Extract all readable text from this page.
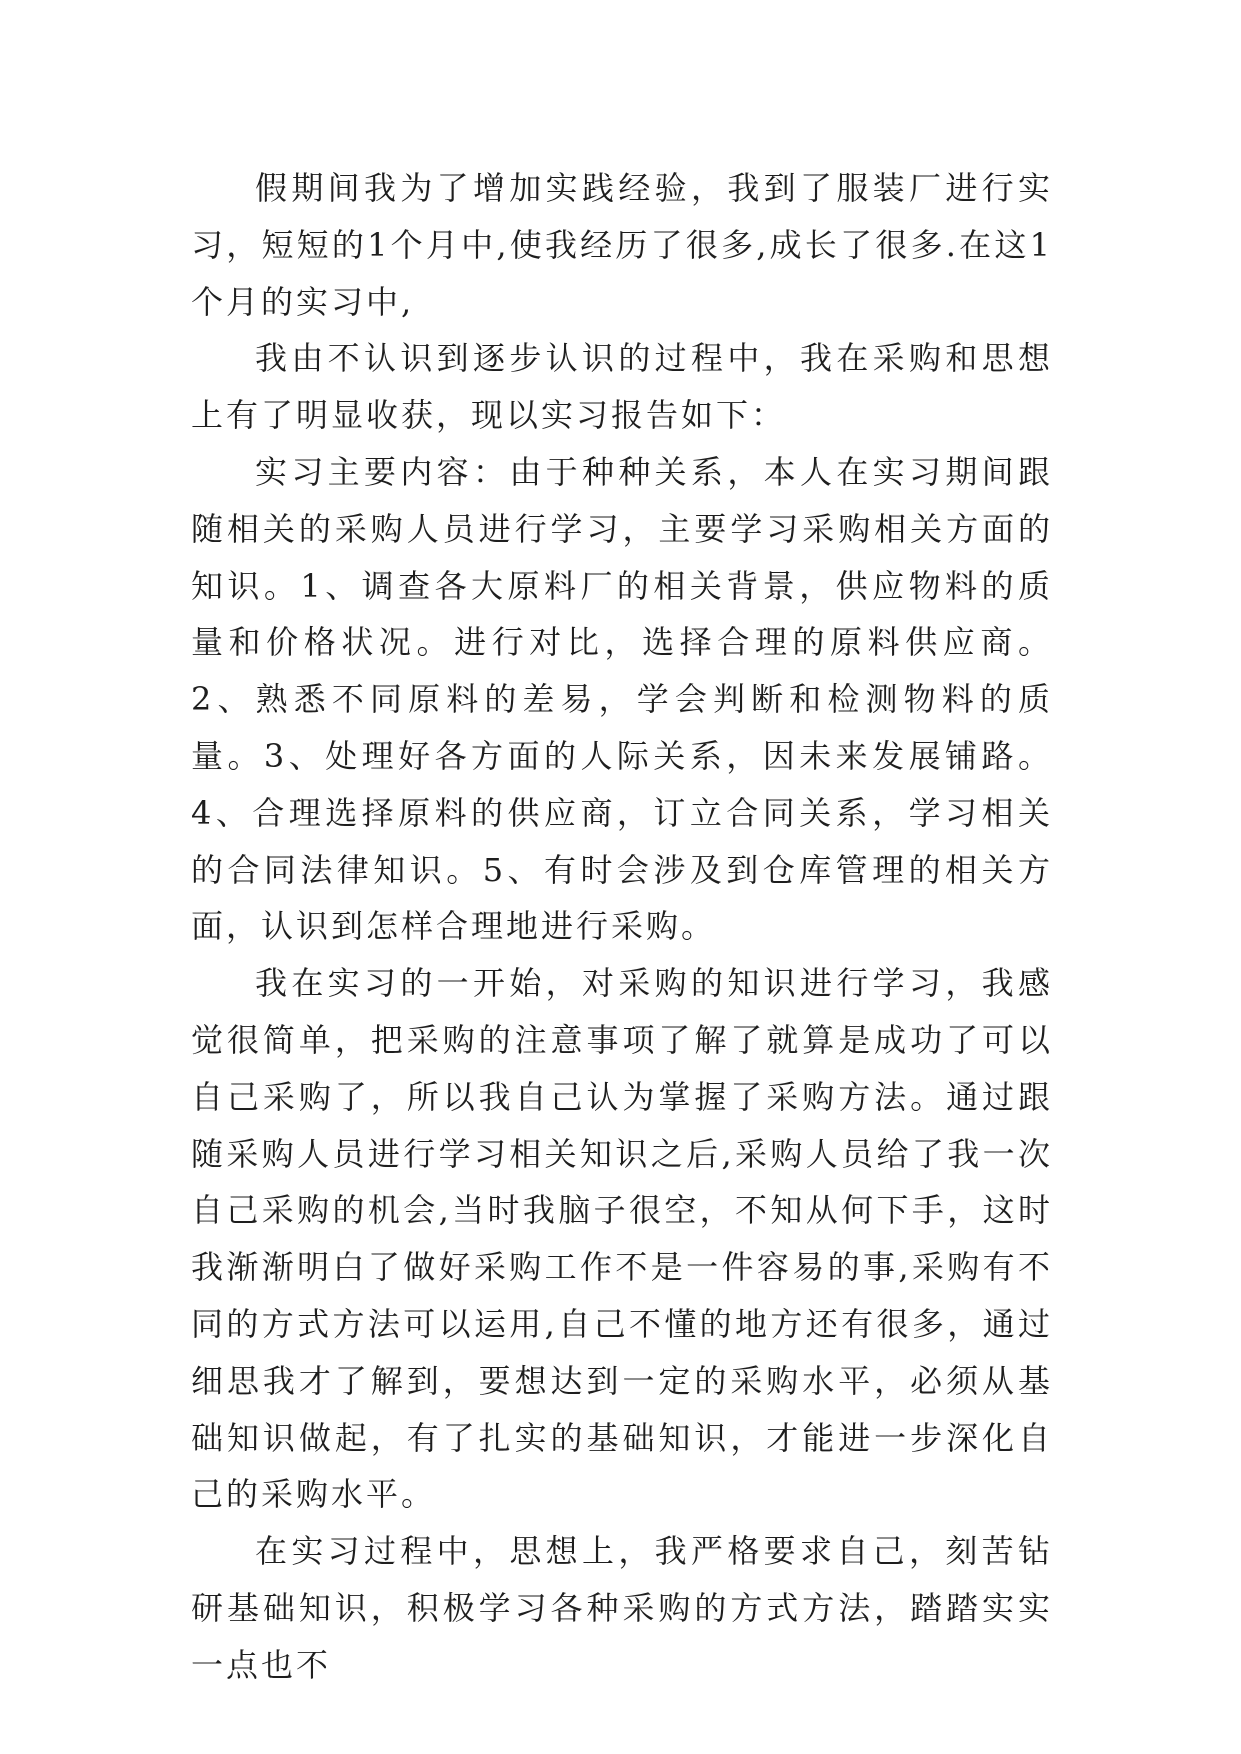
假期间我为了增加实践经验，我到了服装厂进行实习，短短的1个月中,使我经历了很多,成长了很多.在这1个月的实习中,

我由不认识到逐步认识的过程中，我在采购和思想上有了明显收获，现以实习报告如下：

实习主要内容：由于种种关系，本人在实习期间跟随相关的采购人员进行学习，主要学习采购相关方面的知识。1、调查各大原料厂的相关背景，供应物料的质量和价格状况。进行对比，选择合理的原料供应商。2、熟悉不同原料的差易，学会判断和检测物料的质量。3、处理好各方面的人际关系，因未来发展铺路。4、合理选择原料的供应商，订立合同关系，学习相关的合同法律知识。5、有时会涉及到仓库管理的相关方面，认识到怎样合理地进行采购。

我在实习的一开始，对采购的知识进行学习，我感觉很简单，把采购的注意事项了解了就算是成功了可以自己采购了，所以我自己认为掌握了采购方法。通过跟随采购人员进行学习相关知识之后,采购人员给了我一次自己采购的机会,当时我脑子很空，不知从何下手，这时我渐渐明白了做好采购工作不是一件容易的事,采购有不同的方式方法可以运用,自己不懂的地方还有很多，通过细思我才了解到，要想达到一定的采购水平，必须从基础知识做起，有了扎实的基础知识，才能进一步深化自己的采购水平。

在实习过程中，思想上，我严格要求自己，刻苦钻研基础知识，积极学习各种采购的方式方法，踏踏实实一点也不
